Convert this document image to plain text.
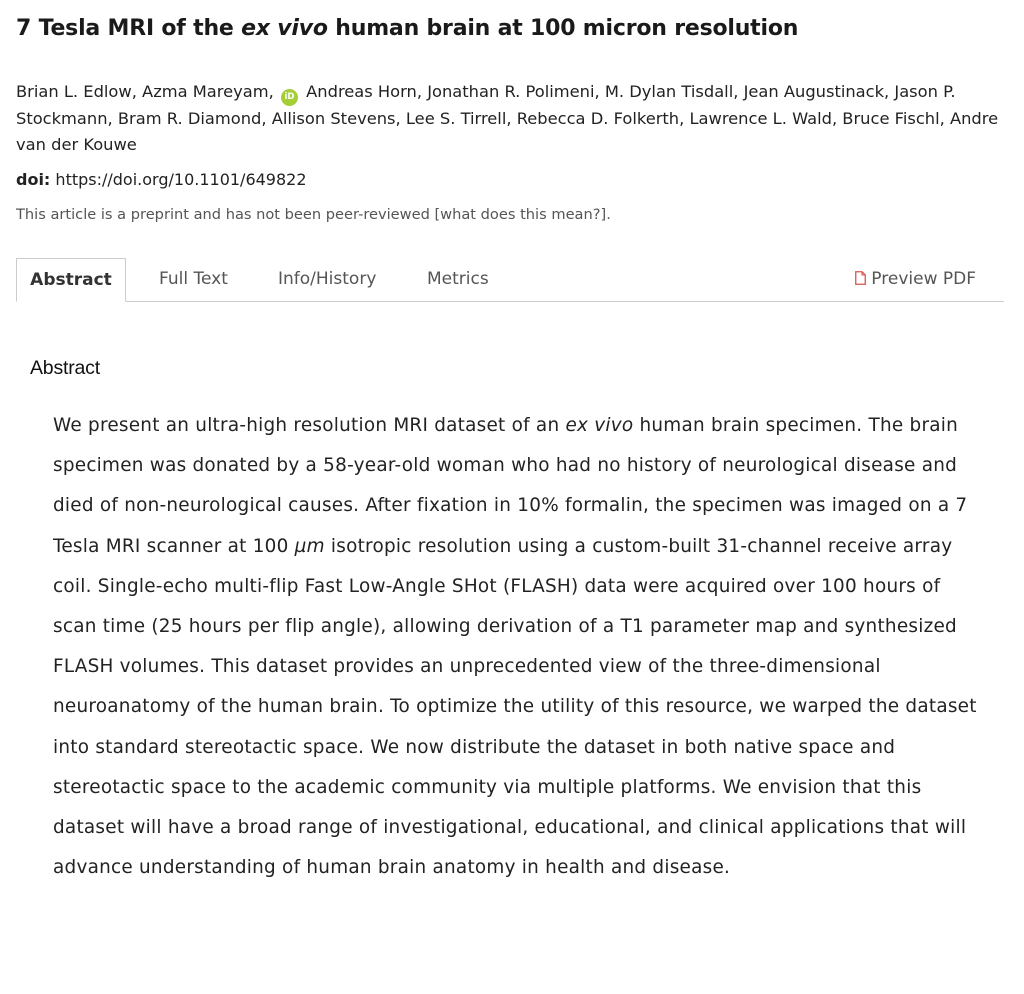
7 Tesla MRI of the ex vivo human brain at 100 micron resolution
Brian L. Edlow, Azma Mareyam, iD Andreas Horn, Jonathan R. Polimeni, M. Dylan Tisdall, Jean Augustinack, Jason P. Stockmann, Bram R. Diamond, Allison Stevens, Lee S. Tirrell, Rebecca D. Folkerth, Lawrence L. Wald, Bruce Fischl, Andre van der Kouwe
doi: https://doi.org/10.1101/649822
This article is a preprint and has not been peer-reviewed [what does this mean?].
Abstract	Full Text	Info/History	Metrics	Preview PDF
Abstract

We present an ultra-high resolution MRI dataset of an ex vivo human brain specimen. The brain specimen was donated by a 58-year-old woman who had no history of neurological disease and died of non-neurological causes. After fixation in 10% formalin, the specimen was imaged on a 7 Tesla MRI scanner at 100 µm isotropic resolution using a custom-built 31-channel receive array coil. Single-echo multi-flip Fast Low-Angle SHot (FLASH) data were acquired over 100 hours of scan time (25 hours per flip angle), allowing derivation of a T1 parameter map and synthesized FLASH volumes. This dataset provides an unprecedented view of the three-dimensional neuroanatomy of the human brain. To optimize the utility of this resource, we warped the dataset into standard stereotactic space. We now distribute the dataset in both native space and stereotactic space to the academic community via multiple platforms. We envision that this dataset will have a broad range of investigational, educational, and clinical applications that will advance understanding of human brain anatomy in health and disease.
